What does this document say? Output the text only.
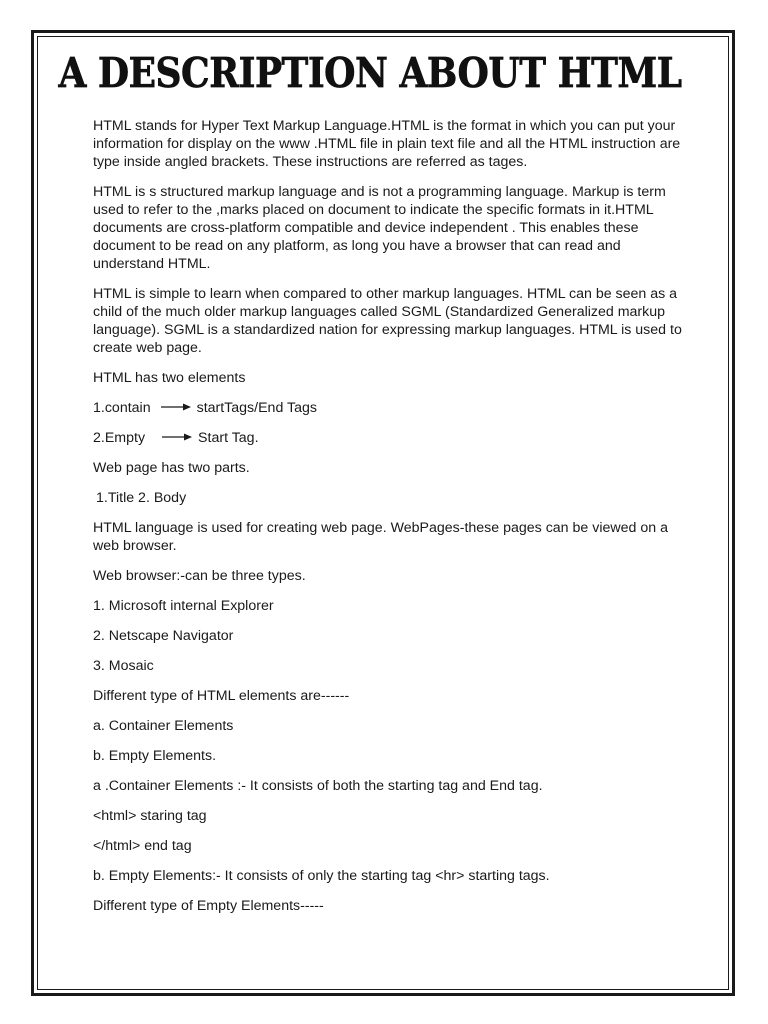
A DESCRIPTION ABOUT HTML

HTML stands for Hyper Text Markup Language.HTML is the format in which you can put your information for display on the www .HTML file in plain text file and all the HTML instruction are type inside angled brackets. These instructions are referred as tages.

HTML is s structured markup language and is not a programming language. Markup is term used to refer to the ,marks placed on document to indicate the specific formats in it.HTML documents are cross-platform compatible and device independent . This enables these document to be read on any platform, as long you have a browser that can read and understand HTML.

HTML is simple to learn when compared to other markup languages. HTML can be seen as a child of the much older markup languages called SGML (Standardized Generalized markup language). SGML is a standardized nation for expressing markup languages. HTML is used to create web page.

HTML has two elements

1.contain	startTags/End Tags

2.Empty	Start Tag.

Web page has two parts.

1.Title 2. Body

HTML language is used for creating web page. WebPages-these pages can be viewed on a web browser.

Web browser:-can be three types.

1. Microsoft internal Explorer

2. Netscape Navigator

3. Mosaic

Different type of HTML elements are------

a. Container Elements

b. Empty Elements.

a .Container Elements :- It consists of both the starting tag and End tag.

<html> staring tag

</html> end tag

b. Empty Elements:- It consists of only the starting tag <hr> starting tags.

Different type of Empty Elements-----
